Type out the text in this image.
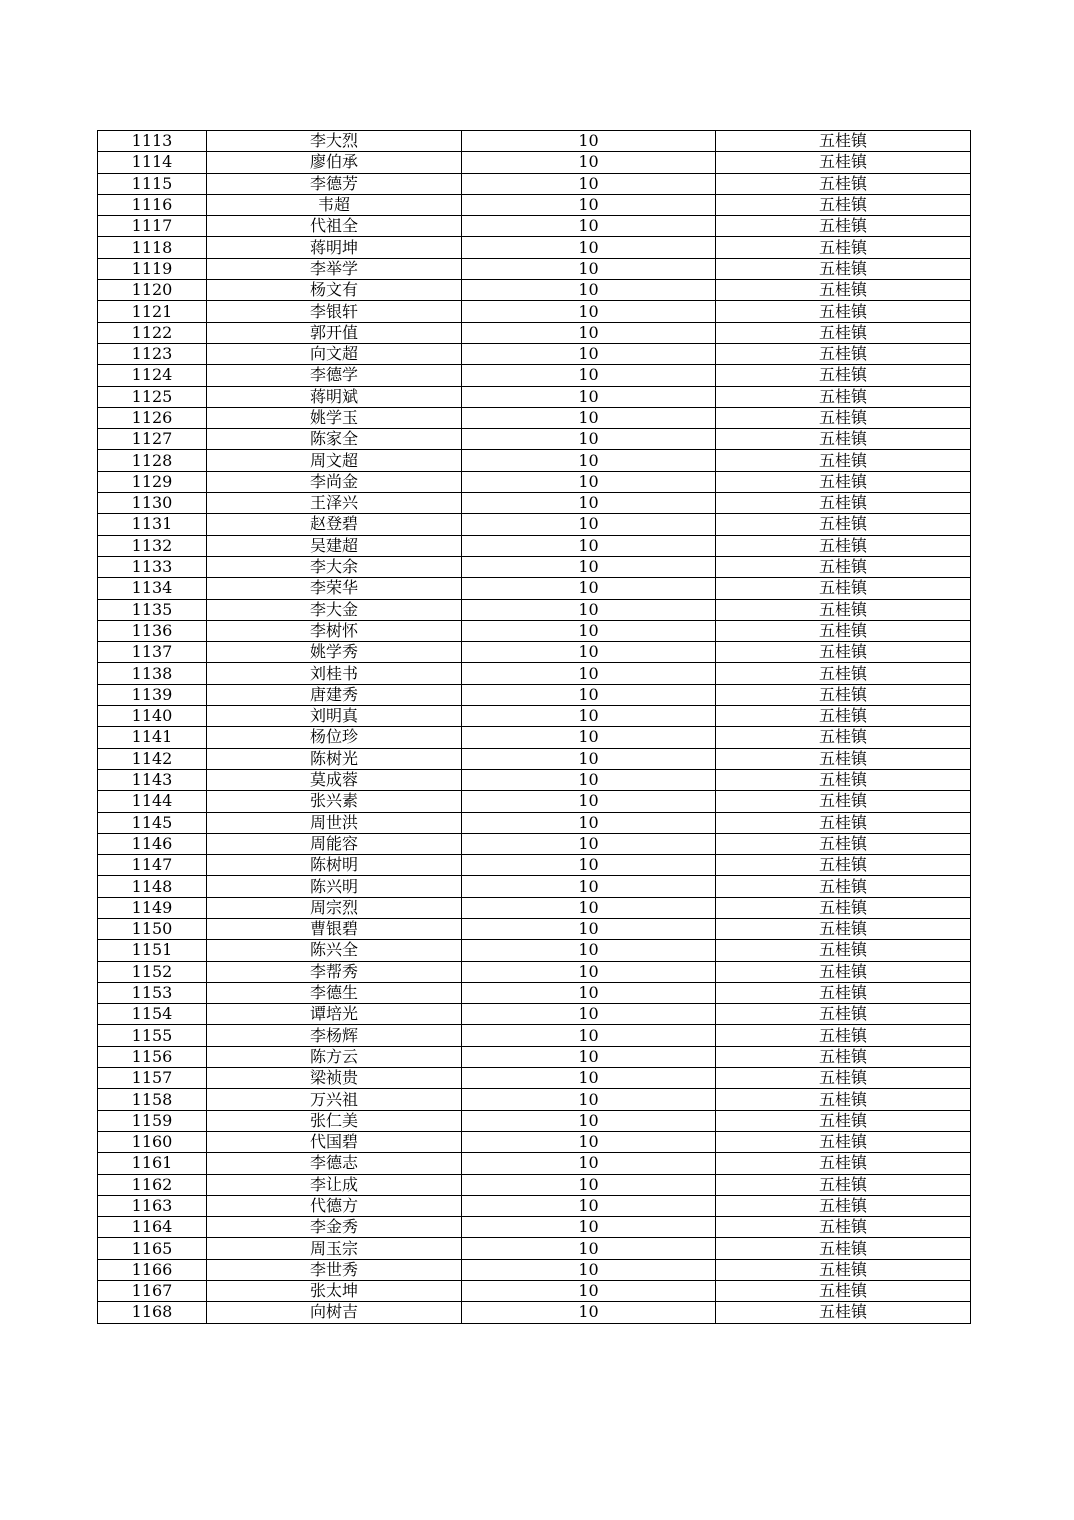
1113	李大烈	10	五桂镇
1114	廖伯承	10	五桂镇
1115	李德芳	10	五桂镇
1116	韦超	10	五桂镇
1117	代祖全	10	五桂镇
1118	蒋明坤	10	五桂镇
1119	李举学	10	五桂镇
1120	杨文有	10	五桂镇
1121	李银轩	10	五桂镇
1122	郭开值	10	五桂镇
1123	向文超	10	五桂镇
1124	李德学	10	五桂镇
1125	蒋明斌	10	五桂镇
1126	姚学玉	10	五桂镇
1127	陈家全	10	五桂镇
1128	周文超	10	五桂镇
1129	李尚金	10	五桂镇
1130	王泽兴	10	五桂镇
1131	赵登碧	10	五桂镇
1132	吴建超	10	五桂镇
1133	李大余	10	五桂镇
1134	李荣华	10	五桂镇
1135	李大金	10	五桂镇
1136	李树怀	10	五桂镇
1137	姚学秀	10	五桂镇
1138	刘桂书	10	五桂镇
1139	唐建秀	10	五桂镇
1140	刘明真	10	五桂镇
1141	杨位珍	10	五桂镇
1142	陈树光	10	五桂镇
1143	莫成蓉	10	五桂镇
1144	张兴素	10	五桂镇
1145	周世洪	10	五桂镇
1146	周能容	10	五桂镇
1147	陈树明	10	五桂镇
1148	陈兴明	10	五桂镇
1149	周宗烈	10	五桂镇
1150	曹银碧	10	五桂镇
1151	陈兴全	10	五桂镇
1152	李帮秀	10	五桂镇
1153	李德生	10	五桂镇
1154	谭培光	10	五桂镇
1155	李杨辉	10	五桂镇
1156	陈方云	10	五桂镇
1157	梁祯贵	10	五桂镇
1158	万兴祖	10	五桂镇
1159	张仁美	10	五桂镇
1160	代国碧	10	五桂镇
1161	李德志	10	五桂镇
1162	李让成	10	五桂镇
1163	代德方	10	五桂镇
1164	李金秀	10	五桂镇
1165	周玉宗	10	五桂镇
1166	李世秀	10	五桂镇
1167	张太坤	10	五桂镇
1168	向树吉	10	五桂镇
